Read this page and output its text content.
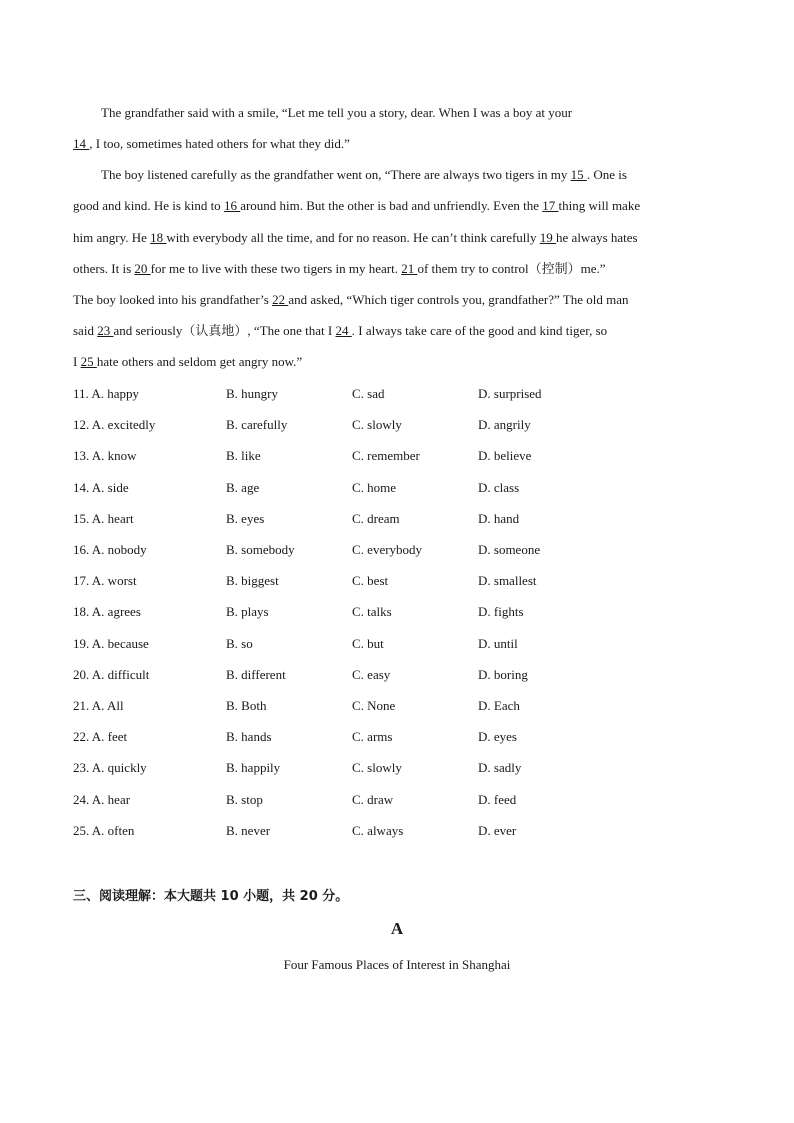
The grandfather said with a smile, “Let me tell you a story, dear. When I was a boy at your
14 , I too, sometimes hated others for what they did.”
The boy listened carefully as the grandfather went on, “There are always two tigers in my 15 . One is
good and kind. He is kind to 16 around him. But the other is bad and unfriendly. Even the 17 thing will make
him angry. He 18 with everybody all the time, and for no reason. He can’t think carefully 19 he always hates
others. It is 20 for me to live with these two tigers in my heart. 21 of them try to control（控制）me.”
The boy looked into his grandfather’s 22 and asked, “Which tiger controls you, grandfather?” The old man
said 23 and seriously（认真地）, “The one that I 24 . I always take care of the good and kind tiger, so
I 25 hate others and seldom get angry now.”
11. A. happy	B. hungry	C. sad	D. surprised
12. A. excitedly	B. carefully	C. slowly	D. angrily
13. A. know	B. like	C. remember	D. believe
14. A. side	B. age	C. home	D. class
15. A. heart	B. eyes	C. dream	D. hand
16. A. nobody	B. somebody	C. everybody	D. someone
17. A. worst	B. biggest	C. best	D. smallest
18. A. agrees	B. plays	C. talks	D. fights
19. A. because	B. so	C. but	D. until
20. A. difficult	B. different	C. easy	D. boring
21. A. All	B. Both	C. None	D. Each
22. A. feet	B. hands	C. arms	D. eyes
23. A. quickly	B. happily	C. slowly	D. sadly
24. A. hear	B. stop	C. draw	D. feed
25. A. often	B. never	C. always	D. ever
三、阅读理解：本大题共 10 小题，共 20 分。
A
Four Famous Places of Interest in Shanghai
